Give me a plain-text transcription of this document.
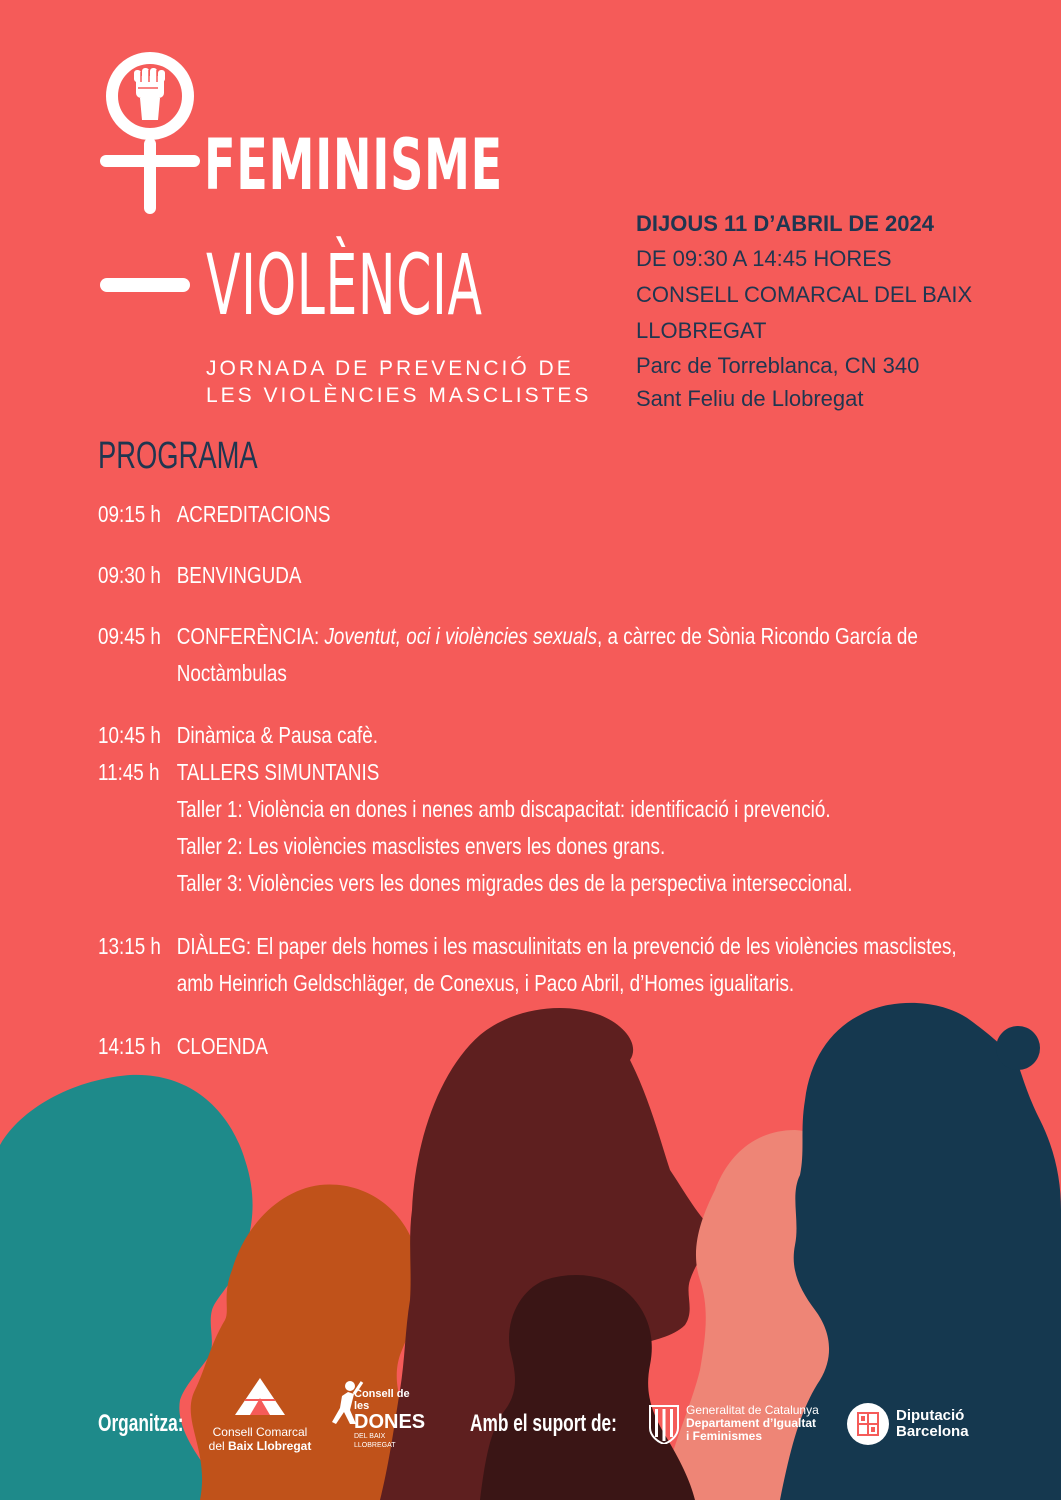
FEMINISME
VIOLÈNCIA
JORNADA DE PREVENCIÓ DE
LES VIOLÈNCIES MASCLISTES
DIJOUS 11 D’ABRIL DE 2024
DE 09:30 A 14:45 HORES
CONSELL COMARCAL DEL BAIX
LLOBREGAT
Parc de Torreblanca, CN 340
Sant Feliu de Llobregat
PROGRAMA
09:15 h ACREDITACIONS
09:30 h BENVINGUDA
09:45 h CONFERÈNCIA: Joventut, oci i violències sexuals, a càrrec de Sònia Ricondo García de Noctàmbulas
10:45 h Dinàmica & Pausa cafè.
11:45 h TALLERS SIMUNTANIS
Taller 1: Violència en dones i nenes amb discapacitat: identificació i prevenció.
Taller 2: Les violències masclistes envers les dones grans.
Taller 3: Violències vers les dones migrades des de la perspectiva interseccional.
13:15 h DIÀLEG: El paper dels homes i les masculinitats en la prevenció de les violències masclistes, amb Heinrich Geldschläger, de Conexus, i Paco Abril, d’Homes igualitaris.
14:15 h CLOENDA
Organitza:	Consell Comarcal
del Baix Llobregat
Consell de les
DONES
DEL BAIX LLOBREGAT
Amb el suport de:	Generalitat de Catalunya
Departament d’Igualtat
i Feminismes
Diputació
Barcelona
